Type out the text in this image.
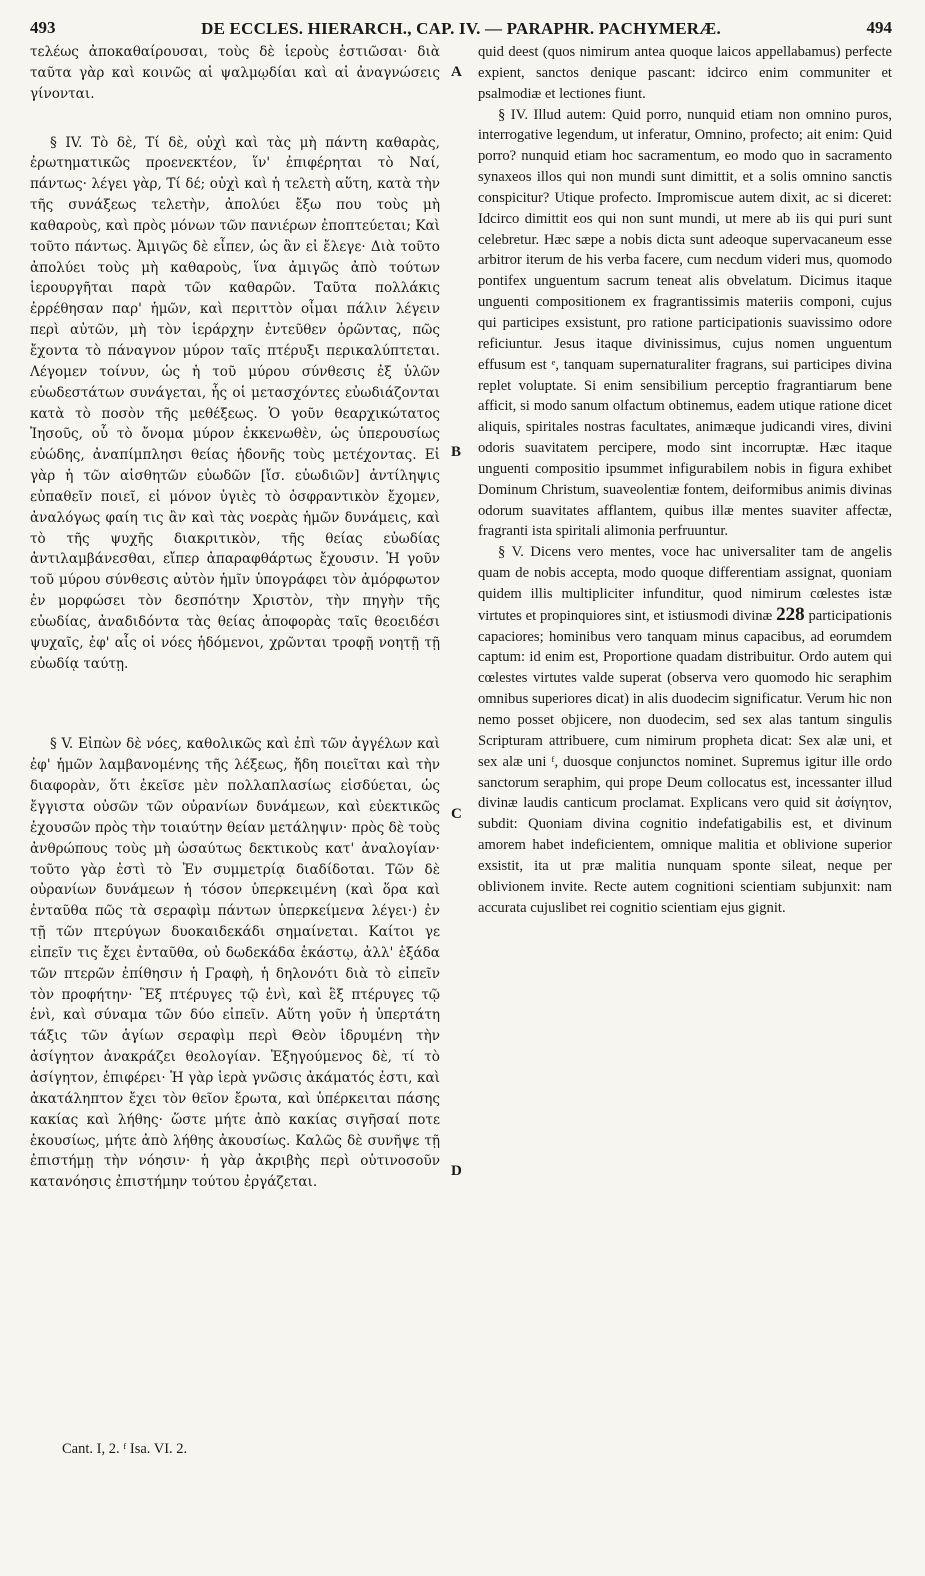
493	DE ECCLES. HIERARCH., CAP. IV. — PARAPHR. PACHYMERÆ.	494

τελέως ἀποκαθαίρουσαι, τοὺς δὲ ἱεροὺς ἑστιῶσαι· διὰ ταῦτα γὰρ καὶ κοινῶς αἱ ψαλμῳδίαι καὶ αἱ ἀναγνώσεις γίνονται.

§ IV. Τὸ δὲ, Τί δὲ, οὐχὶ καὶ τὰς μὴ πάντη καθαρὰς, ἐρωτηματικῶς προενεκτέον, ἵν' ἐπιφέρηται τὸ Ναί, πάντως· λέγει γὰρ, Τί δέ; οὐχὶ καὶ ἡ τελετὴ αὕτη, κατὰ τὴν τῆς συνάξεως τελετὴν, ἀπολύει ἔξω που τοὺς μὴ καθαροὺς, καὶ πρὸς μόνων τῶν πανιέρων ἐποπτεύεται; Καὶ τοῦτο πάντως. Ἀμιγῶς δὲ εἶπεν, ὡς ἂν εἰ ἔλεγε· Διὰ τοῦτο ἀπολύει τοὺς μὴ καθαροὺς, ἵνα ἀμιγῶς ἀπὸ τούτων ἱερουργῆται παρὰ τῶν καθαρῶν. Ταῦτα πολλάκις ἐρρέθησαν παρ' ἡμῶν, καὶ περιττὸν οἶμαι πάλιν λέγειν περὶ αὐτῶν, μὴ τὸν ἱεράρχην ἐντεῦθεν ὁρῶντας, πῶς ἔχοντα τὸ πάναγνον μύρον ταῖς πτέρυξι περικαλύπτεται. Λέγομεν τοίνυν, ὡς ἡ τοῦ μύρου σύνθεσις ἐξ ὑλῶν εὐωδεστάτων συνάγεται, ἧς οἱ μετασχόντες εὐωδιάζονται κατὰ τὸ ποσὸν τῆς μεθέξεως. Ὁ γοῦν θεαρχικώτατος Ἰησοῦς, οὗ τὸ ὄνομα μύρον ἐκκενωθὲν, ὡς ὑπερουσίως εὐώδης, ἀναπίμπλησι θείας ἡδονῆς τοὺς μετέχοντας. Εἰ γὰρ ἡ τῶν αἰσθητῶν εὐωδῶν [ἴσ. εὐωδιῶν] ἀντίληψις εὐπαθεῖν ποιεῖ, εἰ μόνον ὑγιὲς τὸ ὀσφραντικὸν ἔχομεν, ἀναλόγως φαίη τις ἂν καὶ τὰς νοερὰς ἡμῶν δυνάμεις, καὶ τὸ τῆς ψυχῆς διακριτικὸν, τῆς θείας εὐωδίας ἀντιλαμβάνεσθαι, εἴπερ ἀπαραφθάρτως ἔχουσιν. Ἡ γοῦν τοῦ μύρου σύνθεσις αὐτὸν ἡμῖν ὑπογράφει τὸν ἀμόρφωτον ἐν μορφώσει τὸν δεσπότην Χριστὸν, τὴν πηγὴν τῆς εὐωδίας, ἀναδιδόντα τὰς θείας ἀποφορὰς ταῖς θεοειδέσι ψυχαῖς, ἐφ' αἷς οἱ νόες ἡδόμενοι, χρῶνται τροφῇ νοητῇ τῇ εὐωδίᾳ ταύτῃ.

§ V. Εἰπὼν δὲ νόες, καθολικῶς καὶ ἐπὶ τῶν ἀγγέλων καὶ ἐφ' ἡμῶν λαμβανομένης τῆς λέξεως, ἤδη ποιεῖται καὶ τὴν διαφορὰν, ὅτι ἐκεῖσε μὲν πολλαπλασίως εἰσδύεται, ὡς ἔγγιστα οὐσῶν τῶν οὐρανίων δυνάμεων, καὶ εὐεκτικῶς ἐχουσῶν πρὸς τὴν τοιαύτην θείαν μετάληψιν· πρὸς δὲ τοὺς ἀνθρώπους τοὺς μὴ ὡσαύτως δεκτικοὺς κατ' ἀναλογίαν· τοῦτο γὰρ ἐστὶ τὸ Ἐν συμμετρίᾳ διαδίδοται. Τῶν δὲ οὐρανίων δυνάμεων ἡ τόσον ὑπερκειμένη (καὶ ὅρα καὶ ἐνταῦθα πῶς τὰ σεραφὶμ πάντων ὑπερκείμενα λέγει·) ἐν τῇ τῶν πτερύγων δυοκαιδεκάδι σημαίνεται. Καίτοι γε εἰπεῖν τις ἔχει ἐνταῦθα, οὐ δωδεκάδα ἑκάστῳ, ἀλλ' ἑξάδα τῶν πτερῶν ἐπίθησιν ἡ Γραφὴ, ἡ δηλονότι διὰ τὸ εἰπεῖν τὸν προφήτην· Ἓξ πτέρυγες τῷ ἑνὶ, καὶ ἓξ πτέρυγες τῷ ἑνὶ, καὶ σύναμα τῶν δύο εἰπεῖν. Αὕτη γοῦν ἡ ὑπερτάτη τάξις τῶν ἁγίων σεραφὶμ περὶ Θεὸν ἱδρυμένη τὴν ἀσίγητον ἀνακράζει θεολογίαν. Ἐξηγούμενος δὲ, τί τὸ ἀσίγητον, ἐπιφέρει· Ἡ γὰρ ἱερὰ γνῶσις ἀκάματός ἐστι, καὶ ἀκατάληπτον ἔχει τὸν θεῖον ἔρωτα, καὶ ὑπέρκειται πάσης κακίας καὶ λήθης· ὥστε μήτε ἀπὸ κακίας σιγῆσαί ποτε ἑκουσίως, μήτε ἀπὸ λήθης ἀκουσίως. Καλῶς δὲ συνῆψε τῇ ἐπιστήμῃ τὴν νόησιν· ἡ γὰρ ἀκριβὴς περὶ οὑτινοσοῦν κατανόησις ἐπιστήμην τούτου ἐργάζεται.

A
B
C
D

quid deest (quos nimirum antea quoque laicos appellabamus) perfecte expient, sanctos denique pascant: idcirco enim communiter et psalmodiæ et lectiones fiunt.

§ IV. Illud autem: Quid porro, nunquid etiam non omnino puros, interrogative legendum, ut inferatur, Omnino, profecto; ait enim: Quid porro? nunquid etiam hoc sacramentum, eo modo quo in sacramento synaxeos illos qui non mundi sunt dimittit, et a solis omnino sanctis conspicitur? Utique profecto. Impromiscue autem dixit, ac si diceret: Idcirco dimittit eos qui non sunt mundi, ut mere ab iis qui puri sunt celebretur. Hæc sæpe a nobis dicta sunt adeoque supervacaneum esse arbitror iterum de his verba facere, cum necdum videri mus, quomodo pontifex unguentum sacrum teneat alis obvelatum. Dicimus itaque unguenti compositionem ex fragrantissimis materiis componi, cujus qui participes exsistunt, pro ratione participationis suavissimo odore reficiuntur. Jesus itaque divinissimus, cujus nomen unguentum effusum est ᵉ, tanquam supernaturaliter fragrans, sui participes divina replet voluptate. Si enim sensibilium perceptio fragrantiarum bene afficit, si modo sanum olfactum obtinemus, eadem utique ratione dicet aliquis, spiritales nostras facultates, animæque judicandi vires, divini odoris suavitatem percipere, modo sint incorruptæ. Hæc itaque unguenti compositio ipsummet infigurabilem nobis in figura exhibet Dominum Christum, suaveolentiæ fontem, deiformibus animis divinas odorum suavitates afflantem, quibus illæ mentes suaviter affectæ, fragranti ista spiritali alimonia perfruuntur.

§ V. Dicens vero mentes, voce hac universaliter tam de angelis quam de nobis accepta, modo quoque differentiam assignat, quoniam quidem illis multipliciter infunditur, quod nimirum cœlestes istæ virtutes et propinquiores sint, et istiusmodi divinæ 228 participationis capaciores; hominibus vero tanquam minus capacibus, ad eorumdem captum: id enim est, Proportione quadam distribuitur. Ordo autem qui cœlestes virtutes valde superat (observa vero quomodo hic seraphim omnibus superiores dicat) in alis duodecim significatur. Verum hic non nemo posset objicere, non duodecim, sed sex alas tantum singulis Scripturam attribuere, cum nimirum propheta dicat: Sex alæ uni, et sex alæ uni ᶠ, duosque conjunctos nominet. Supremus igitur ille ordo sanctorum seraphim, qui prope Deum collocatus est, incessanter illud divinæ laudis canticum proclamat. Explicans vero quid sit ἀσίγητον, subdit: Quoniam divina cognitio indefatigabilis est, et divinum amorem habet indeficientem, omnique malitia et oblivione superior exsistit, ita ut præ malitia nunquam sponte sileat, neque per oblivionem invite. Recte autem cognitioni scientiam subjunxit: nam accurata cujuslibet rei cognitio scientiam ejus gignit.

Cant. I, 2. ᶠ Isa. VI. 2.
